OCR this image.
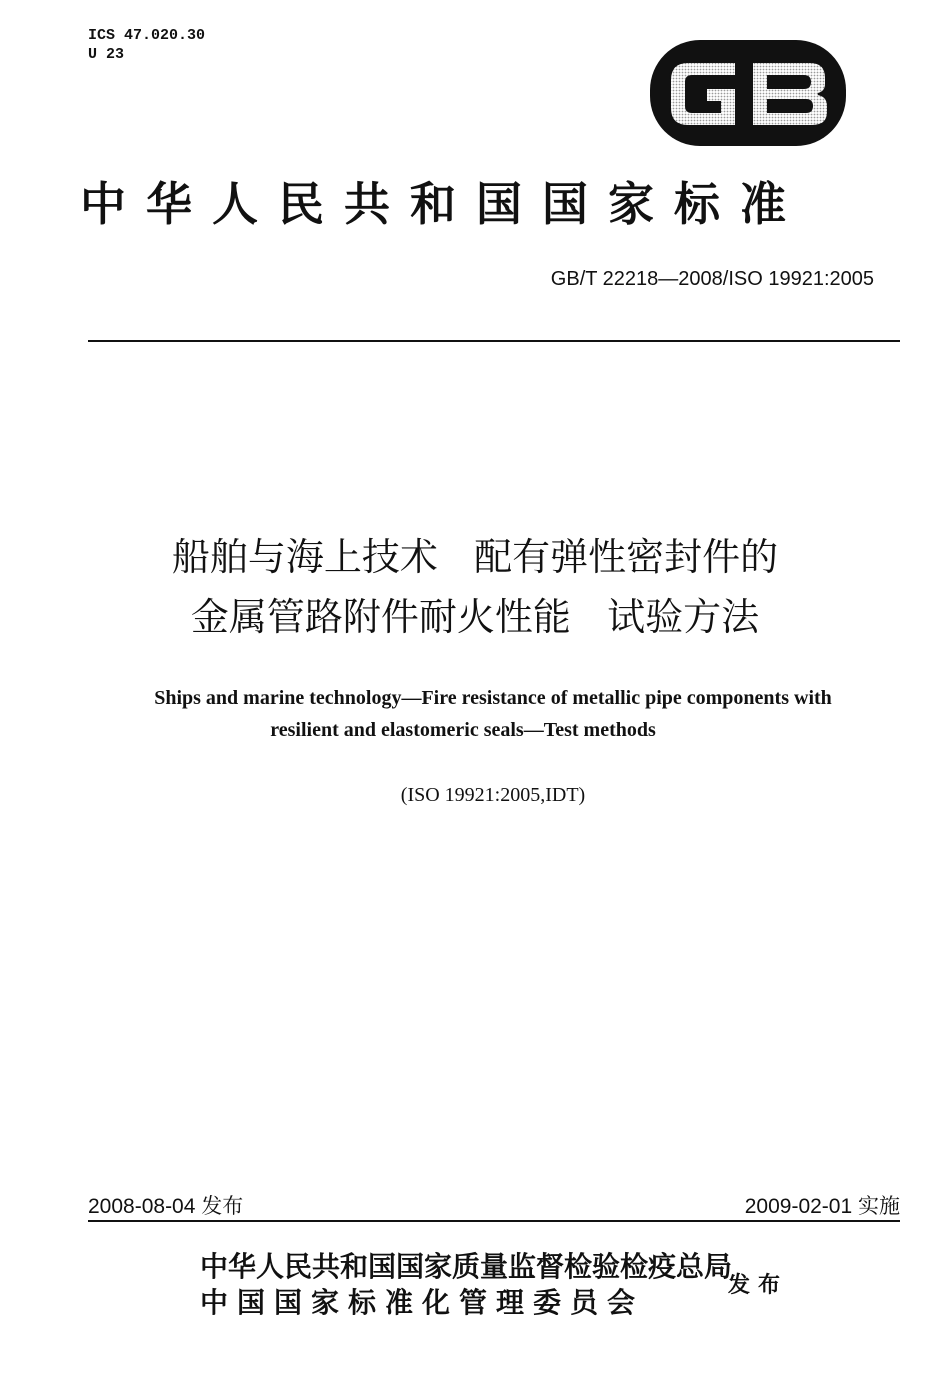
ICS 47.020.30
U 23
中华人民共和国国家标准
GB/T 22218—2008/ISO 19921:2005
船舶与海上技术   配有弹性密封件的
金属管路附件耐火性能   试验方法
Ships and marine technology—Fire resistance of metallic pipe components with
resilient and elastomeric seals—Test methods
(ISO 19921:2005,IDT)
2008-08-04 发布	2009-02-01 实施
中华人民共和国国家质量监督检验检疫总局
中国国家标准化管理委员会
发布
